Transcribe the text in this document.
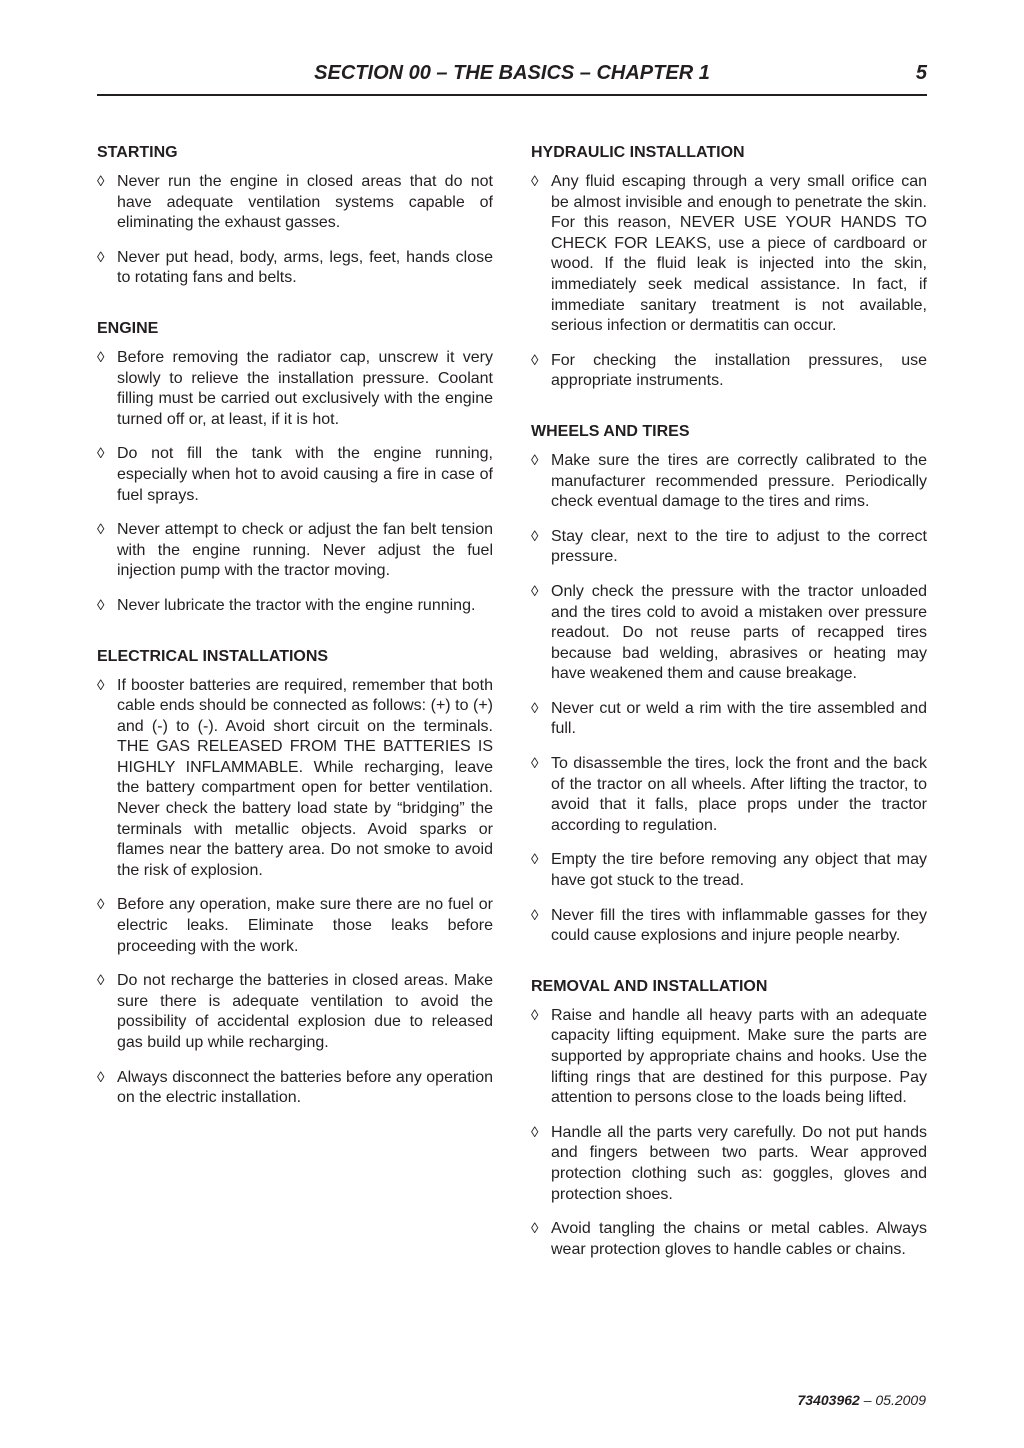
SECTION 00 – THE BASICS – CHAPTER 1	5
STARTING
◊ Never run the engine in closed areas that do not have adequate ventilation systems capable of eliminating the exhaust gasses.
◊ Never put head, body, arms, legs, feet, hands close to rotating fans and belts.
ENGINE
◊ Before removing the radiator cap, unscrew it very slowly to relieve the installation pressure. Coolant filling must be carried out exclusively with the engine turned off or, at least, if it is hot.
◊ Do not fill the tank with the engine running, especially when hot to avoid causing a fire in case of fuel sprays.
◊ Never attempt to check or adjust the fan belt tension with the engine running. Never adjust the fuel injection pump with the tractor moving.
◊ Never lubricate the tractor with the engine running.
ELECTRICAL INSTALLATIONS
◊ If booster batteries are required, remember that both cable ends should be connected as follows: (+) to (+) and (-) to (-). Avoid short circuit on the terminals. THE GAS RELEASED FROM THE BATTERIES IS HIGHLY INFLAMMABLE. While recharging, leave the battery compartment open for better ventilation. Never check the battery load state by “bridging” the terminals with metallic objects. Avoid sparks or flames near the battery area. Do not smoke to avoid the risk of explosion.
◊ Before any operation, make sure there are no fuel or electric leaks. Eliminate those leaks before proceeding with the work.
◊ Do not recharge the batteries in closed areas. Make sure there is adequate ventilation to avoid the possibility of accidental explosion due to released gas build up while recharging.
◊ Always disconnect the batteries before any operation on the electric installation.
HYDRAULIC INSTALLATION
◊ Any fluid escaping through a very small orifice can be almost invisible and enough to penetrate the skin. For this reason, NEVER USE YOUR HANDS TO CHECK FOR LEAKS, use a piece of cardboard or wood. If the fluid leak is injected into the skin, immediately seek medical assistance. In fact, if immediate sanitary treatment is not available, serious infection or dermatitis can occur.
◊ For checking the installation pressures, use appropriate instruments.
WHEELS AND TIRES
◊ Make sure the tires are correctly calibrated to the manufacturer recommended pressure. Periodically check eventual damage to the tires and rims.
◊ Stay clear, next to the tire to adjust to the correct pressure.
◊ Only check the pressure with the tractor unloaded and the tires cold to avoid a mistaken over pressure readout. Do not reuse parts of recapped tires because bad welding, abrasives or heating may have weakened them and cause breakage.
◊ Never cut or weld a rim with the tire assembled and full.
◊ To disassemble the tires, lock the front and the back of the tractor on all wheels. After lifting the tractor, to avoid that it falls, place props under the tractor according to regulation.
◊ Empty the tire before removing any object that may have got stuck to the tread.
◊ Never fill the tires with inflammable gasses for they could cause explosions and injure people nearby.
REMOVAL AND INSTALLATION
◊ Raise and handle all heavy parts with an adequate capacity lifting equipment. Make sure the parts are supported by appropriate chains and hooks. Use the lifting rings that are destined for this purpose. Pay attention to persons close to the loads being lifted.
◊ Handle all the parts very carefully. Do not put hands and fingers between two parts. Wear approved protection clothing such as: goggles, gloves and protection shoes.
◊ Avoid tangling the chains or metal cables. Always wear protection gloves to handle cables or chains.
73403962 – 05.2009
